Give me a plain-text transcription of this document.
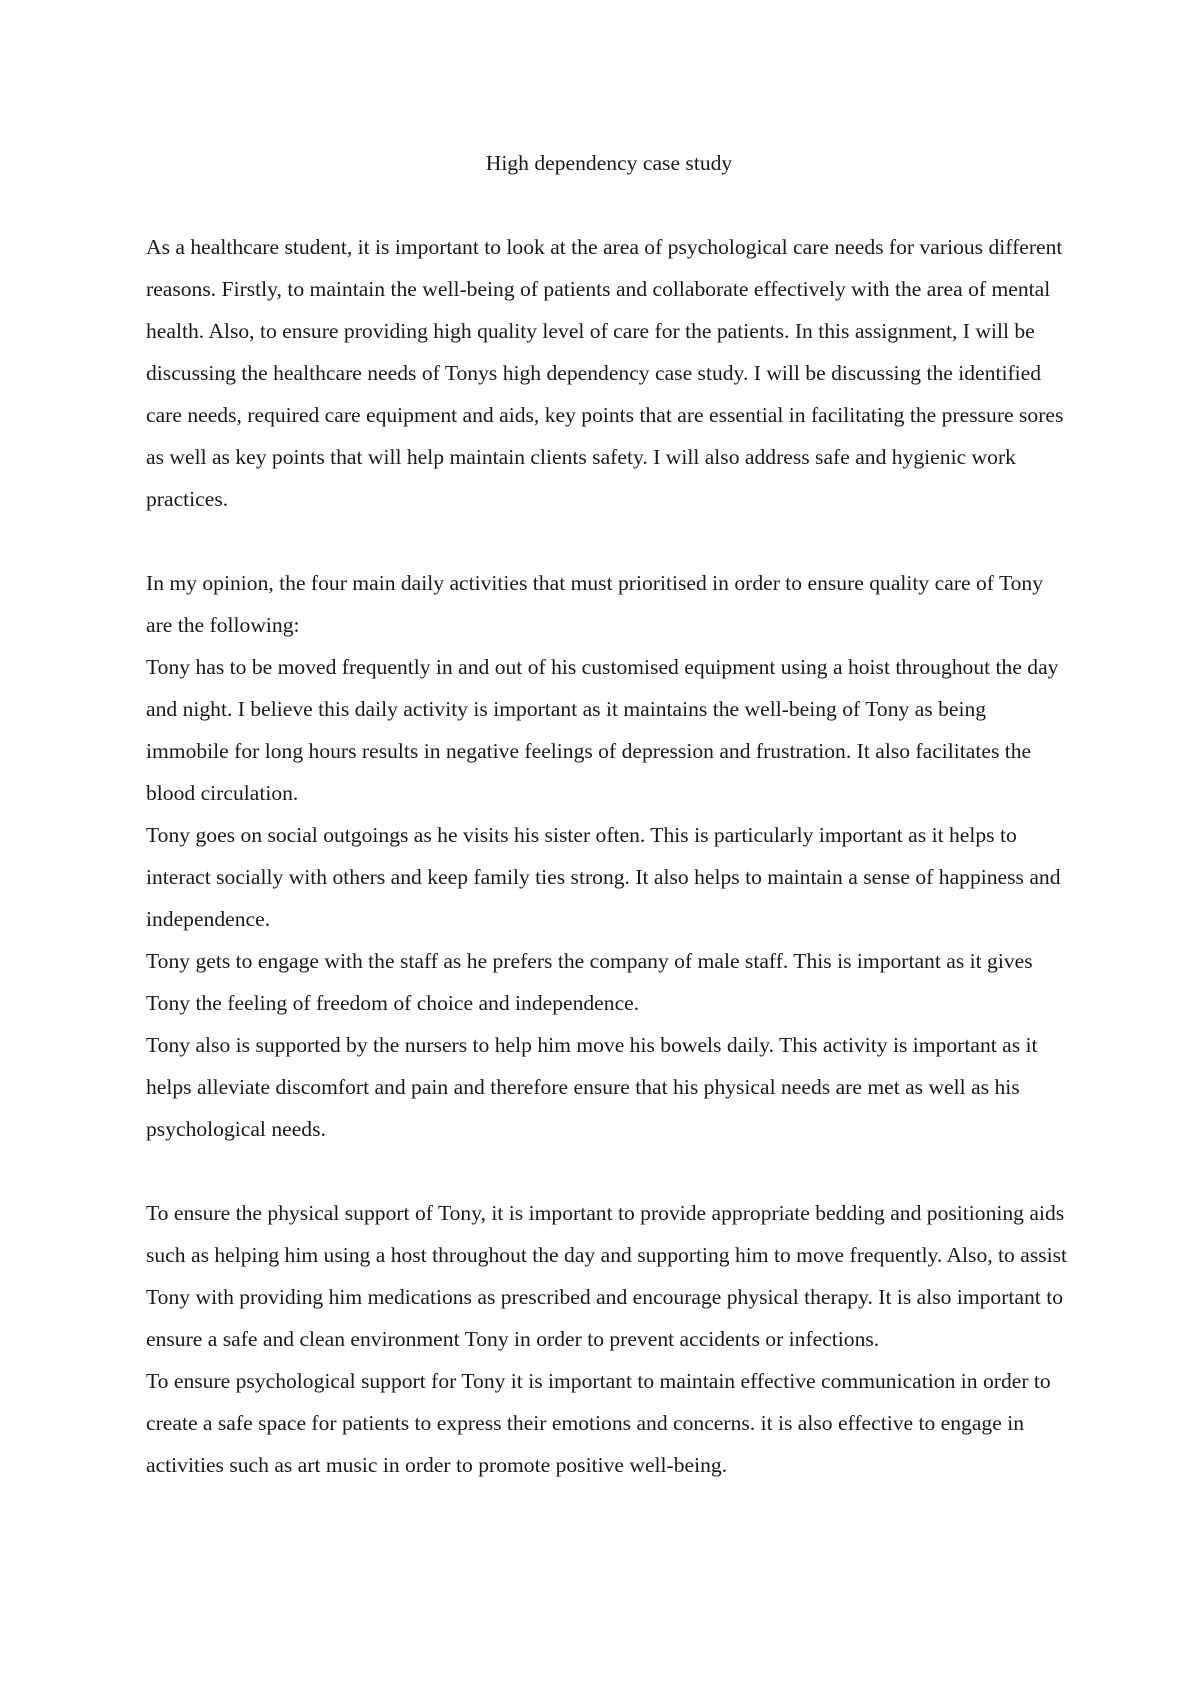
High dependency case study

As a healthcare student, it is important to look at the area of psychological care needs for various different reasons. Firstly, to maintain the well-being of patients and collaborate effectively with the area of mental health. Also, to ensure providing high quality level of care for the patients. In this assignment, I will be discussing the healthcare needs of Tonys high dependency case study. I will be discussing the identified care needs, required care equipment and aids, key points that are essential in facilitating the pressure sores as well as key points that will help maintain clients safety. I will also address safe and hygienic work practices.

In my opinion, the four main daily activities that must prioritised in order to ensure quality care of Tony are the following:

Tony has to be moved frequently in and out of his customised equipment using a hoist throughout the day and night. I believe this daily activity is important as it maintains the well-being of Tony as being immobile for long hours results in negative feelings of depression and frustration. It also facilitates the blood circulation.

Tony goes on social outgoings as he visits his sister often. This is particularly important as it helps to interact socially with others and keep family ties strong. It also helps to maintain a sense of happiness and independence.

Tony gets to engage with the staff as he prefers the company of male staff. This is important as it gives Tony the feeling of freedom of choice and independence.

Tony also is supported by the nursers to help him move his bowels daily. This activity is important as it helps alleviate discomfort and pain and therefore ensure that his physical needs are met as well as his psychological needs.

To ensure the physical support of Tony, it is important to provide appropriate bedding and positioning aids such as helping him using a host throughout the day and supporting him to move frequently. Also, to assist Tony with providing him medications as prescribed and encourage physical therapy. It is also important to ensure a safe and clean environment Tony in order to prevent accidents or infections.

To ensure psychological support for Tony it is important to maintain effective communication in order to create a safe space for patients to express their emotions and concerns. it is also effective to engage in activities such as art music in order to promote positive well-being.
